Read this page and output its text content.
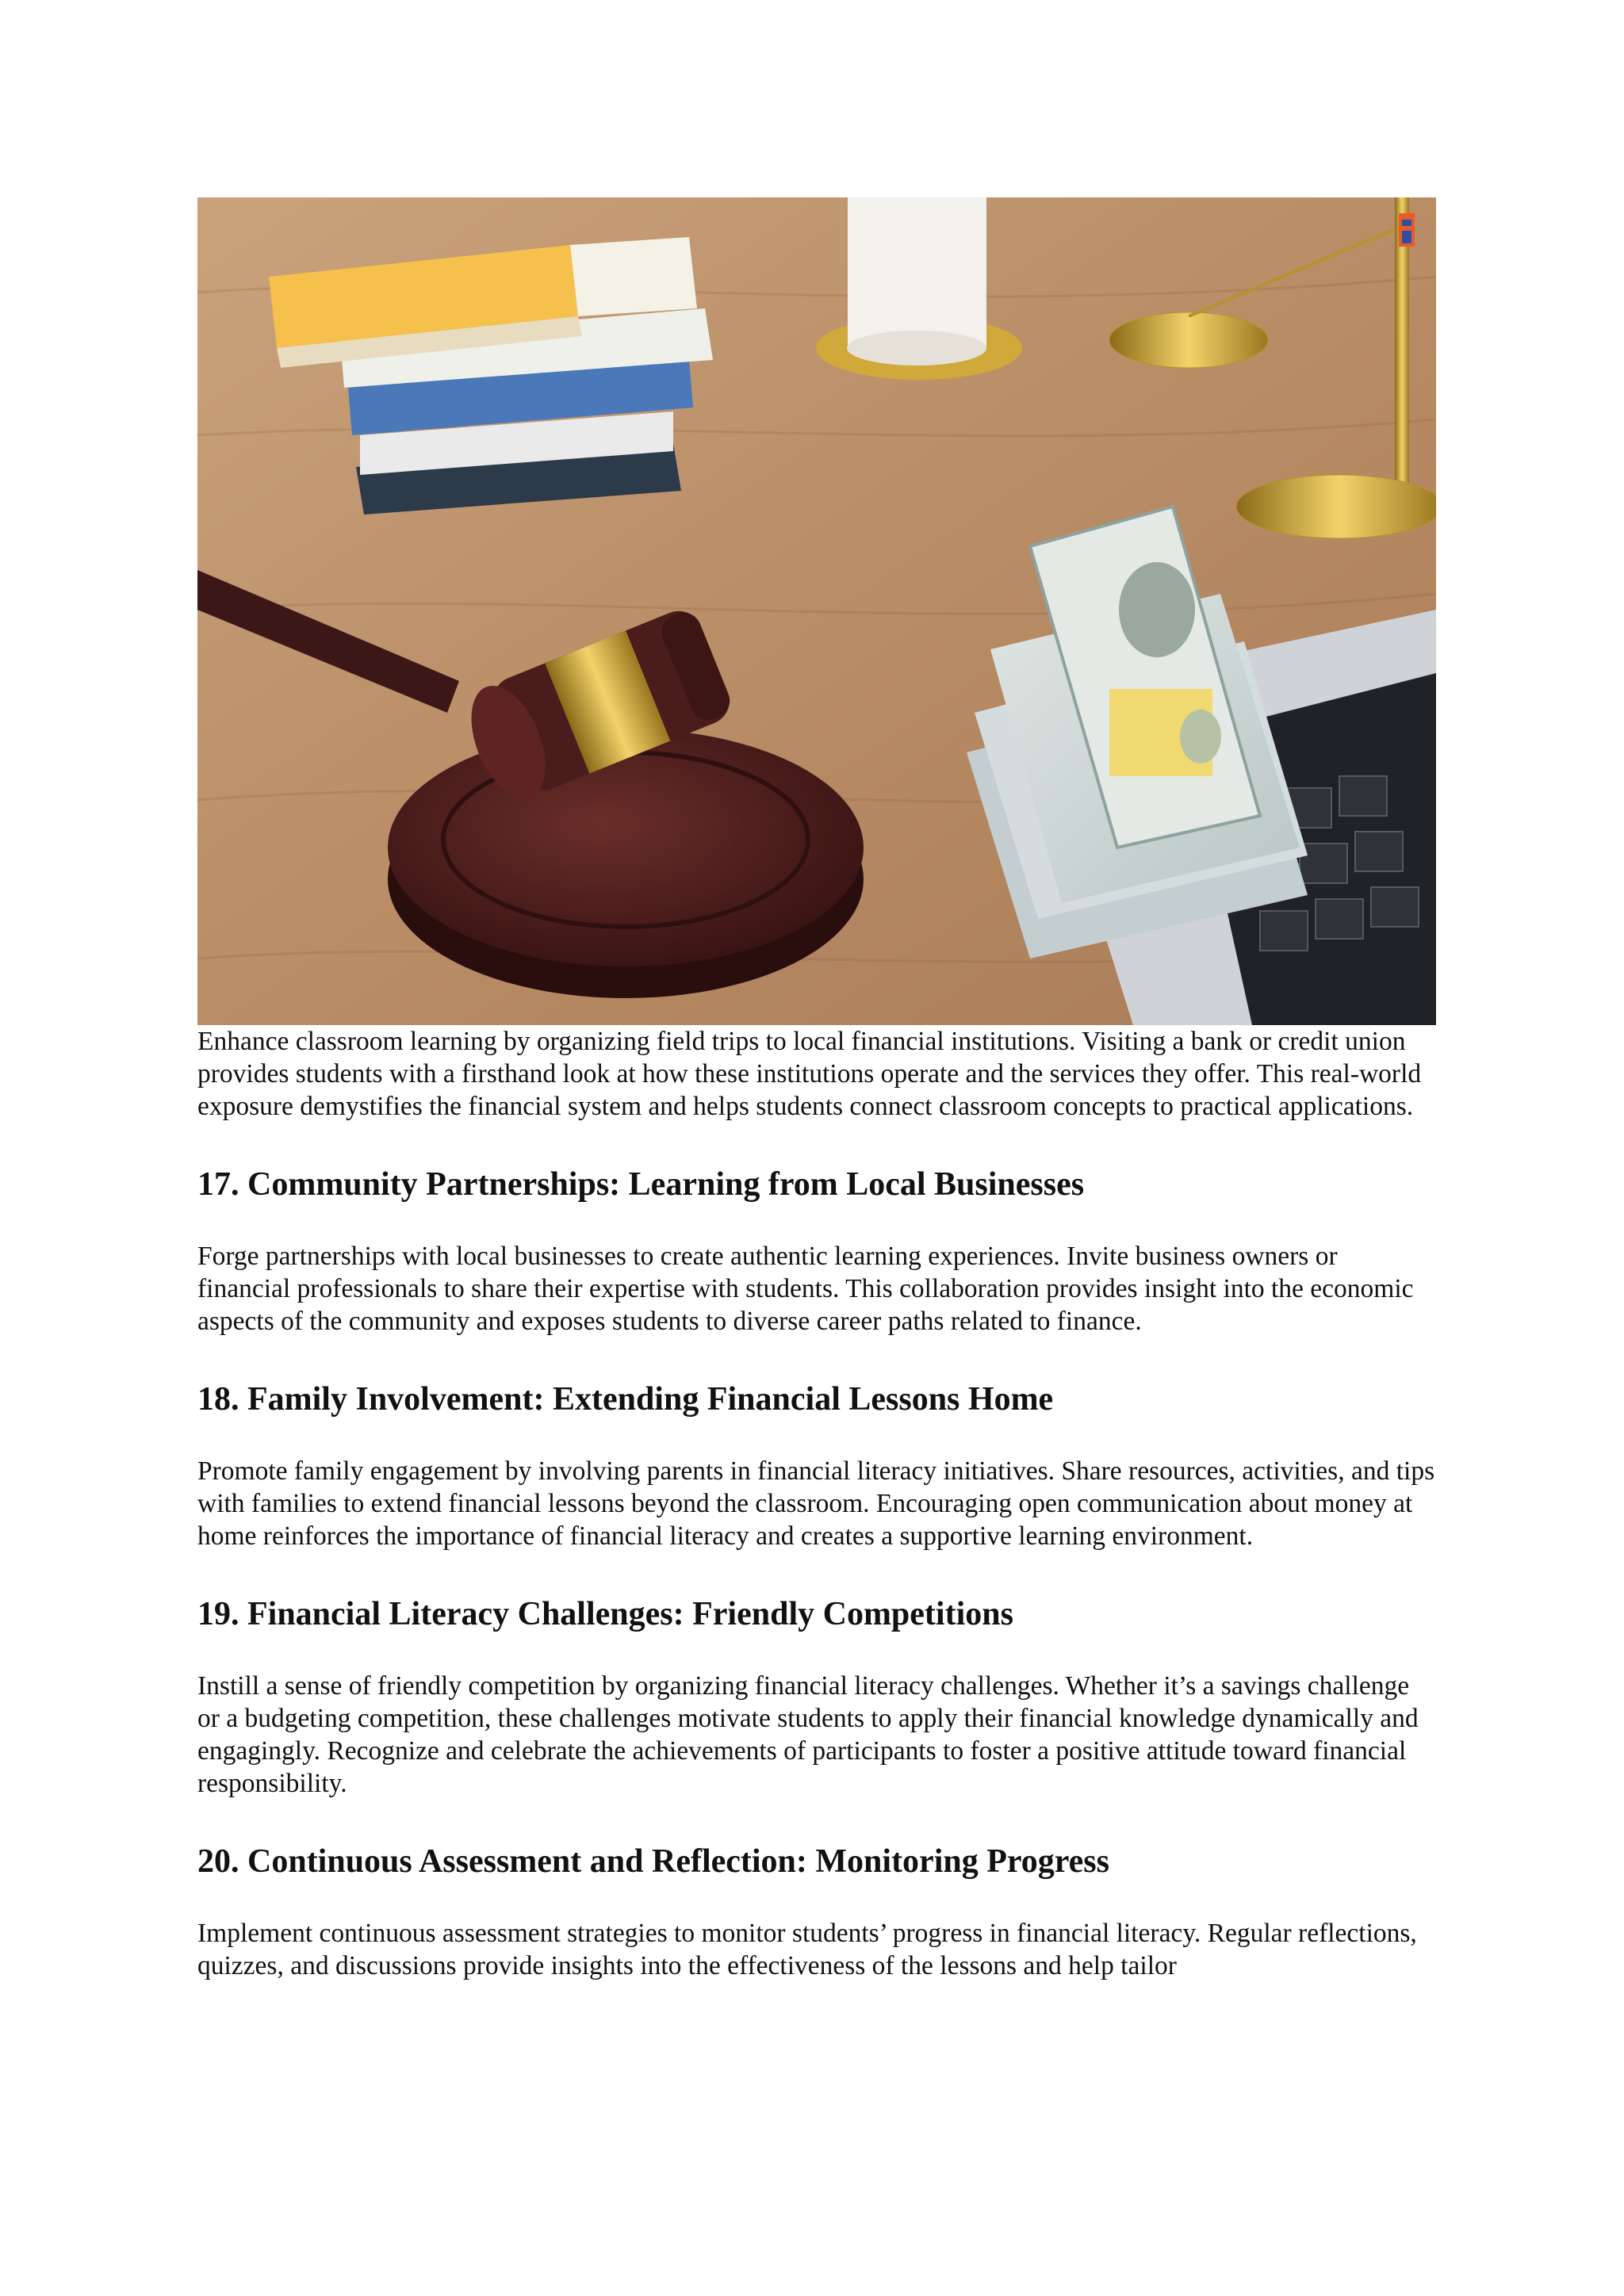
Enhance classroom learning by organizing field trips to local financial institutions. Visiting a bank or credit union provides students with a firsthand look at how these institutions operate and the services they offer. This real-world exposure demystifies the financial system and helps students connect classroom concepts to practical applications.

17. Community Partnerships: Learning from Local Businesses

Forge partnerships with local businesses to create authentic learning experiences. Invite business owners or financial professionals to share their expertise with students. This collaboration provides insight into the economic aspects of the community and exposes students to diverse career paths related to finance.

18. Family Involvement: Extending Financial Lessons Home

Promote family engagement by involving parents in financial literacy initiatives. Share resources, activities, and tips with families to extend financial lessons beyond the classroom. Encouraging open communication about money at home reinforces the importance of financial literacy and creates a supportive learning environment.

19. Financial Literacy Challenges: Friendly Competitions

Instill a sense of friendly competition by organizing financial literacy challenges. Whether it’s a savings challenge or a budgeting competition, these challenges motivate students to apply their financial knowledge dynamically and engagingly. Recognize and celebrate the achievements of participants to foster a positive attitude toward financial responsibility.

20. Continuous Assessment and Reflection: Monitoring Progress

Implement continuous assessment strategies to monitor students’ progress in financial literacy. Regular reflections, quizzes, and discussions provide insights into the effectiveness of the lessons and help tailor
